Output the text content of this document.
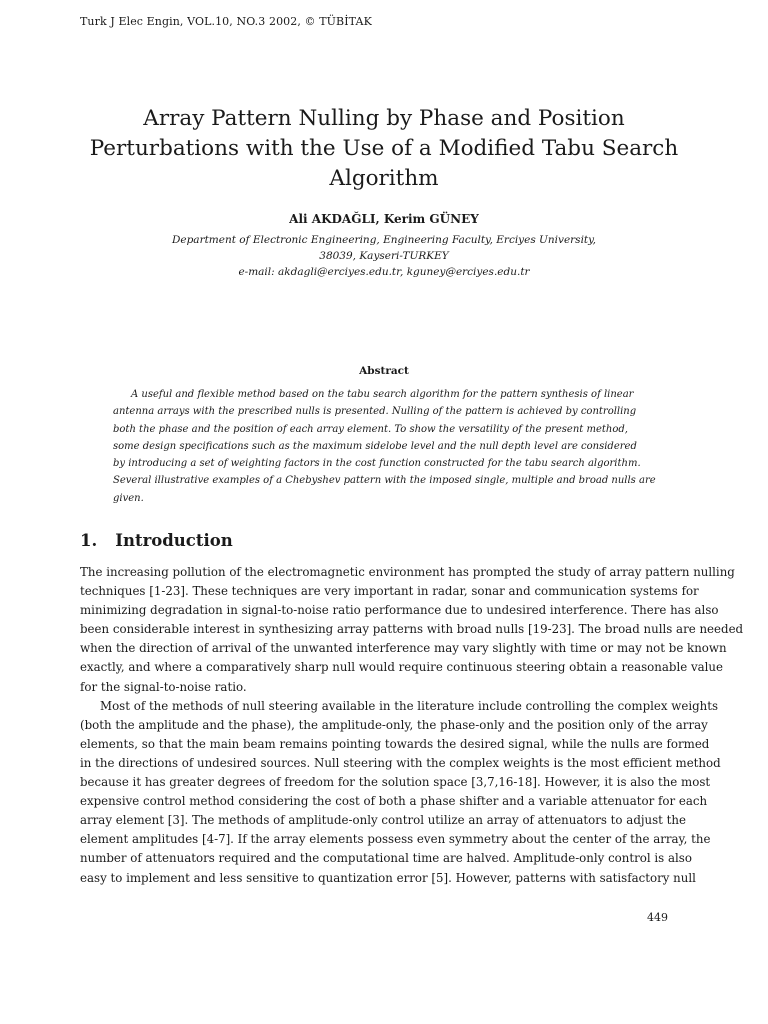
Turk J Elec Engin, VOL.10, NO.3 2002, © TÜBİTAK
Array Pattern Nulling by Phase and Position
Perturbations with the Use of a Modified Tabu Search
Algorithm
Ali AKDAĞLI, Kerim GÜNEY
Department of Electronic Engineering, Engineering Faculty, Erciyes University,
38039, Kayseri-TURKEY
e-mail: akdagli@erciyes.edu.tr, kguney@erciyes.edu.tr
Abstract
A useful and flexible method based on the tabu search algorithm for the pattern synthesis of linear
antenna arrays with the prescribed nulls is presented. Nulling of the pattern is achieved by controlling
both the phase and the position of each array element. To show the versatility of the present method,
some design specifications such as the maximum sidelobe level and the null depth level are considered
by introducing a set of weighting factors in the cost function constructed for the tabu search algorithm.
Several illustrative examples of a Chebyshev pattern with the imposed single, multiple and broad nulls are
given.
1. Introduction
The increasing pollution of the electromagnetic environment has prompted the study of array pattern nulling
techniques [1-23]. These techniques are very important in radar, sonar and communication systems for
minimizing degradation in signal-to-noise ratio performance due to undesired interference. There has also
been considerable interest in synthesizing array patterns with broad nulls [19-23]. The broad nulls are needed
when the direction of arrival of the unwanted interference may vary slightly with time or may not be known
exactly, and where a comparatively sharp null would require continuous steering obtain a reasonable value
for the signal-to-noise ratio.
Most of the methods of null steering available in the literature include controlling the complex weights
(both the amplitude and the phase), the amplitude-only, the phase-only and the position only of the array
elements, so that the main beam remains pointing towards the desired signal, while the nulls are formed
in the directions of undesired sources. Null steering with the complex weights is the most efficient method
because it has greater degrees of freedom for the solution space [3,7,16-18]. However, it is also the most
expensive control method considering the cost of both a phase shifter and a variable attenuator for each
array element [3]. The methods of amplitude-only control utilize an array of attenuators to adjust the
element amplitudes [4-7]. If the array elements possess even symmetry about the center of the array, the
number of attenuators required and the computational time are halved. Amplitude-only control is also
easy to implement and less sensitive to quantization error [5]. However, patterns with satisfactory null
449
